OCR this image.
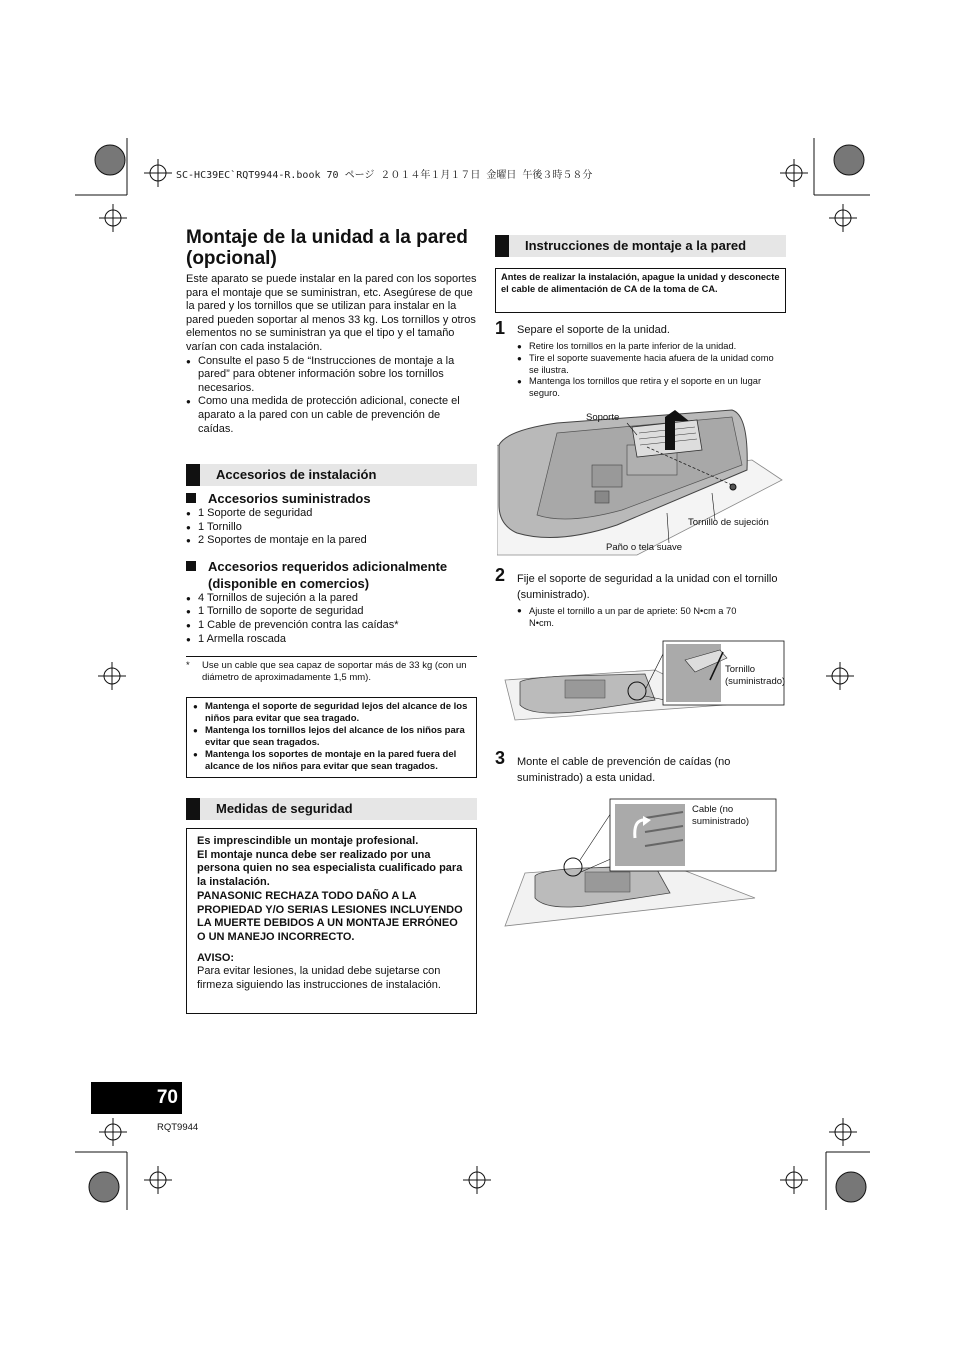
SC-HC39EC`RQT9944-R.book 70 ページ ２０１４年１月１７日 金曜日 午後３時５８分
Montaje de la unidad a la pared (opcional)
Este aparato se puede instalar en la pared con los soportes para el montaje que se suministran, etc. Asegúrese de que la pared y los tornillos que se utilizan para instalar en la pared pueden soportar al menos 33 kg. Los tornillos y otros elementos no se suministran ya que el tipo y el tamaño varían con cada instalación.
● Consulte el paso 5 de “Instrucciones de montaje a la pared” para obtener información sobre los tornillos necesarios.
● Como una medida de protección adicional, conecte el aparato a la pared con un cable de prevención de caídas.
Accesorios de instalación
Accesorios suministrados
● 1 Soporte de seguridad
● 1 Tornillo
● 2 Soportes de montaje en la pared
Accesorios requeridos adicionalmente (disponible en comercios)
● 4 Tornillos de sujeción a la pared
● 1 Tornillo de soporte de seguridad
● 1 Cable de prevención contra las caídas*
● 1 Armella roscada
*	Use un cable que sea capaz de soportar más de 33 kg (con un diámetro de aproximadamente 1,5 mm).
● Mantenga el soporte de seguridad lejos del alcance de los niños para evitar que sea tragado.
● Mantenga los tornillos lejos del alcance de los niños para evitar que sean tragados.
● Mantenga los soportes de montaje en la pared fuera del alcance de los niños para evitar que sean tragados.
Medidas de seguridad
Es imprescindible un montaje profesional.
El montaje nunca debe ser realizado por una persona quien no sea especialista cualificado para la instalación.
PANASONIC RECHAZA TODO DAÑO A LA PROPIEDAD Y/O SERIAS LESIONES INCLUYENDO LA MUERTE DEBIDOS A UN MONTAJE ERRÓNEO O UN MANEJO INCORRECTO.
AVISO:
Para evitar lesiones, la unidad debe sujetarse con firmeza siguiendo las instrucciones de instalación.
Instrucciones de montaje a la pared
Antes de realizar la instalación, apague la unidad y desconecte el cable de alimentación de CA de la toma de CA.
1 Separe el soporte de la unidad.
● Retire los tornillos en la parte inferior de la unidad.
● Tire el soporte suavemente hacia afuera de la unidad como se ilustra.
● Mantenga los tornillos que retira y el soporte en un lugar seguro.
Soporte
Tornillo de sujeción
Paño o tela suave
2 Fije el soporte de seguridad a la unidad con el tornillo (suministrado).
● Ajuste el tornillo a un par de apriete: 50 N•cm a 70 N•cm.
Tornillo (suministrado)
3 Monte el cable de prevención de caídas (no suministrado) a esta unidad.
Cable (no suministrado)
70
RQT9944
